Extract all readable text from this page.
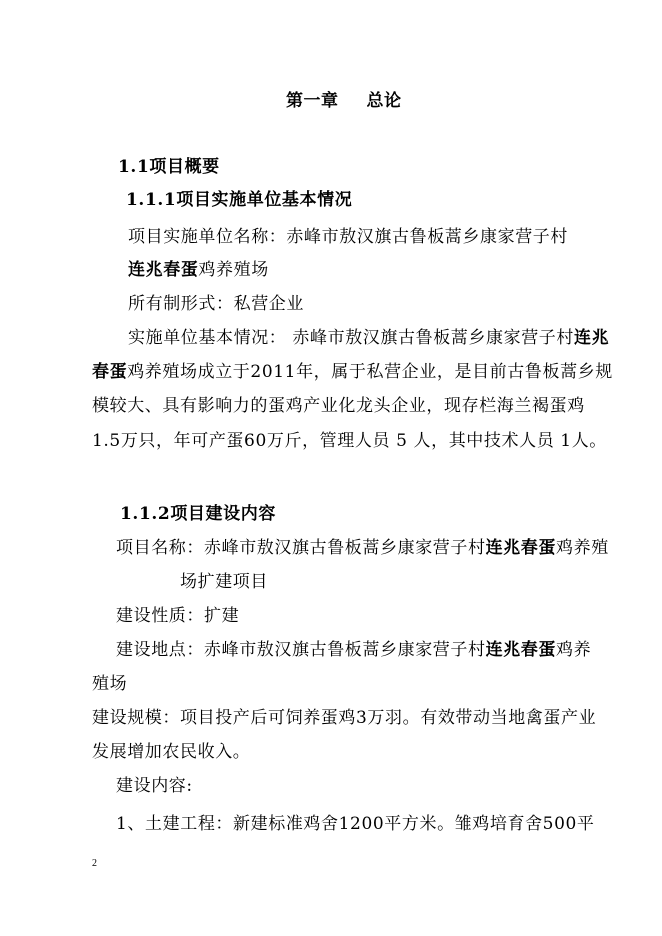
第一章 总论
1.1项目概要
1.1.1项目实施单位基本情况
项目实施单位名称：赤峰市敖汉旗古鲁板蒿乡康家营子村
连兆春蛋鸡养殖场
所有制形式：私营企业
实施单位基本情况： 赤峰市敖汉旗古鲁板蒿乡康家营子村连兆
春蛋鸡养殖场成立于2011年，属于私营企业，是目前古鲁板蒿乡规
模较大、具有影响力的蛋鸡产业化龙头企业，现存栏海兰褐蛋鸡
1.5万只，年可产蛋60万斤，管理人员 5 人，其中技术人员 1人。
1.1.2项目建设内容
项目名称：赤峰市敖汉旗古鲁板蒿乡康家营子村连兆春蛋鸡养殖
场扩建项目
建设性质：扩建
建设地点：赤峰市敖汉旗古鲁板蒿乡康家营子村连兆春蛋鸡养
殖场
建设规模：项目投产后可饲养蛋鸡3万羽。有效带动当地禽蛋产业
发展增加农民收入。
建设内容:
1、土建工程：新建标准鸡舍1200平方米。雏鸡培育舍500平
2
